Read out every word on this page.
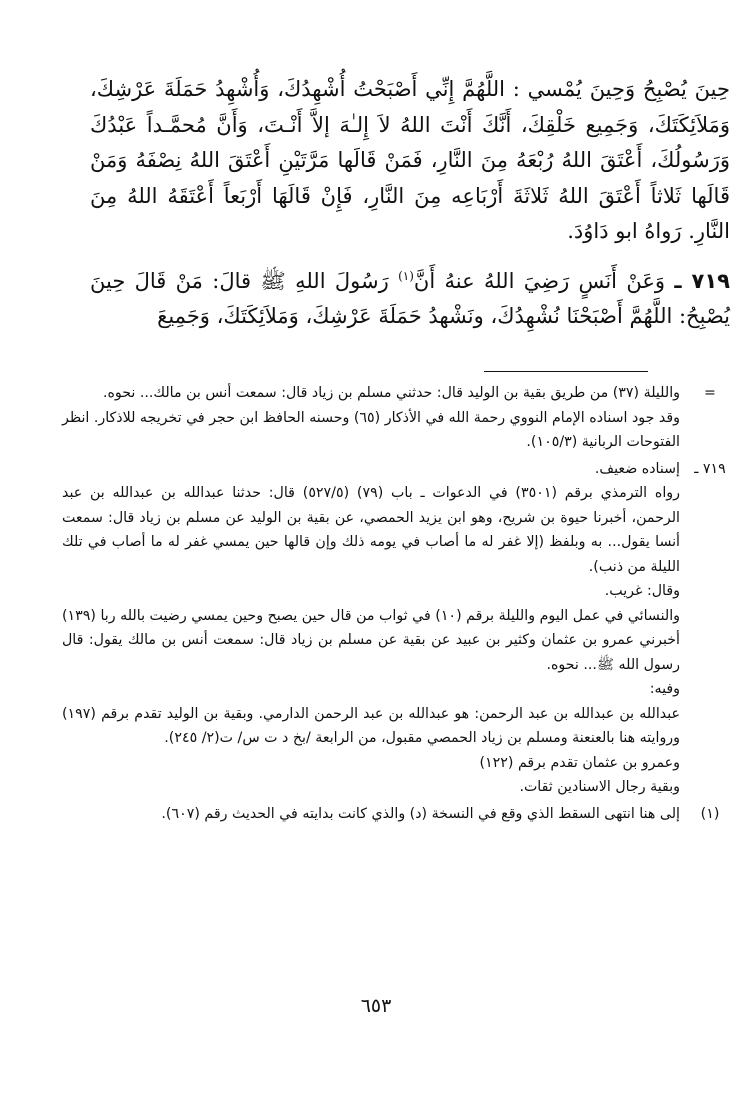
حِينَ يُصْبِحُ وَحِينَ يُمْسي : اللَّهُمَّ إِنِّي أَصْبَحْتُ أُشْهِدُكَ، وَأُشْهِدُ حَمَلَةَ عَرْشِكَ، وَمَلاَئِكَتَكَ، وَجَمِيع خَلْقِكَ، أَنَّكَ أَنْتَ اللهُ لاَ إِلـٰهَ إلاَّ أَنْـتَ، وَأَنَّ مُحمَّـداً عَبْدُكَ وَرَسُولُكَ، أَعْتَقَ اللهُ رُبْعَهُ مِنَ النَّارِ، فَمَنْ قَالَها مَرَّتَيْنِ أَعْتَقَ اللهُ نِصْفَهُ وَمَنْ قَالَها ثَلاثاً أَعْتَقَ اللهُ ثَلاثَةَ أَرْبَاعِه مِنَ النَّارِ، فَإِنْ قَالَهَا أَرْبَعاً أَعْتَقَهُ اللهُ مِنَ النَّارِ. رَواهُ ابو دَاوُدَ.

٧١٩ ـ وَعَنْ أَنَسٍ رَضِيَ اللهُ عنهُ أَنَّ$^{(١)}$ رَسُولَ اللهِ ﷺ قالَ: مَنْ قَالَ حِينَ يُصْبِحُ: اللَّهُمَّ أَصْبَحْنَا نُشْهِدُكَ، ونَشْهدُ حَمَلَةَ عَرْشِكَ، وَمَلاَئِكَتَكَ، وَجَمِيعَ

=

والليلة (٣٧) من طريق بقية بن الوليد قال: حدثني مسلم بن زياد قال: سمعت أنس بن مالك... نحوه.

وقد جود اسناده الإمام النووي رحمة الله في الأذكار (٦٥) وحسنه الحافظ ابن حجر في تخريجه للاذكار. انظر الفتوحات الربانية (١٠٥/٣).

٧١٩ ـ

إسناده ضعيف.

رواه الترمذي برقم (٣٥٠١) في الدعوات ـ باب (٧٩) (٥٢٧/٥) قال: حدثنا عبدالله بن عبدالله بن عبد الرحمن، أخبرنا حيوة بن شريح، وهو ابن يزيد الحمصي، عن بقية بن الوليد عن مسلم بن زياد قال: سمعت أنسا يقول... به وبلفظ (إلا غفر له ما أصاب في يومه ذلك وإن قالها حين يمسي غفر له ما أصاب في تلك الليلة من ذنب).

وقال: غريب.

والنسائي في عمل اليوم والليلة برقم (١٠) في ثواب من قال حين يصبح وحين يمسي رضيت بالله ربا (١٣٩) أخبرني عمرو بن عثمان وكثير بن عبيد عن بقية عن مسلم بن زياد قال: سمعت أنس بن مالك يقول: قال رسول الله ﷺ... نحوه.

وفيه:

عبدالله بن عبدالله بن عبد الرحمن: هو عبدالله بن عبد الرحمن الدارمي. وبقية بن الوليد تقدم برقم (١٩٧) وروايته هنا بالعنعنة ومسلم بن زياد الحمصي مقبول، من الرابعة /بخ د ت س/ ت(٢/ ٢٤٥).

وعمرو بن عثمان تقدم برقم (١٢٢)

وبقية رجال الاسنادين ثقات.

(١)

إلى هنا انتهى السقط الذي وقع في النسخة (د) والذي كانت بدايته في الحديث رقم (٦٠٧).

٦٥٣
